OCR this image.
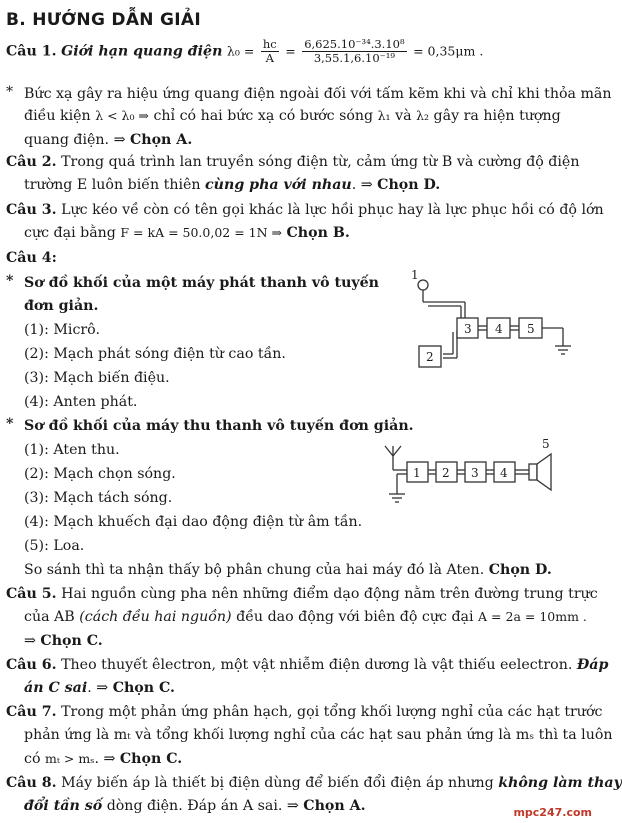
B. HƯỚNG DẪN GIẢI
Câu 1. Giới hạn quang điện $\lambda_0 = \frac{hc}{A} = \frac{\text{6,625.10⁻³⁴.3.10⁸}}{\text{3,55.1,6.10⁻¹⁹}} = 0,35\mu m$ .
* Bức xạ gây ra hiệu ứng quang điện ngoài đối với tấm kẽm khi và chỉ khi thỏa mãn
điều kiện λ < λ₀ ⇒ chỉ có hai bức xạ có bước sóng λ₁ và λ₂ gây ra hiện tượng
quang điện. ⇒ Chọn A.
Câu 2. Trong quá trình lan truyền sóng điện từ, cảm ứng từ B và cường độ điện
trường E luôn biến thiên cùng pha với nhau. ⇒ Chọn D.
Câu 3. Lực kéo về còn có tên gọi khác là lực hồi phục hay là lực phục hồi có độ lớn
cực đại bằng F = kA = 50.0,02 = 1N ⇒ Chọn B.
Câu 4:
* Sơ đồ khối của một máy phát thanh vô tuyến
đơn giản.
(1): Micrô.
(2): Mạch phát sóng điện từ cao tần.
(3): Mạch biến điệu.
(4): Anten phát.
* Sơ đồ khối của máy thu thanh vô tuyến đơn giản.
(1): Aten thu.
(2): Mạch chọn sóng.
(3): Mạch tách sóng.
(4): Mạch khuếch đại dao động điện từ âm tần.
(5): Loa.
So sánh thì ta nhận thấy bộ phân chung của hai máy đó là Aten. Chọn D.
1
3 4 5
2
1 2 3 4
5
Câu 5. Hai nguồn cùng pha nên những điểm dạo động nằm trên đường trung trực
của AB (cách đều hai nguồn) đều dao động với biên độ cực đại A = 2a = 10mm .
⇒ Chọn C.
Câu 6. Theo thuyết êlectron, một vật nhiễm điện dương là vật thiếu eelectron. Đáp
án C sai. ⇒ Chọn C.
Câu 7. Trong một phản ứng phân hạch, gọi tổng khối lượng nghỉ của các hạt trước
phản ứng là mₜ và tổng khối lượng nghỉ của các hạt sau phản ứng là mₛ thì ta luôn
có mₜ > mₛ. ⇒ Chọn C.
Câu 8. Máy biến áp là thiết bị điện dùng để biến đổi điện áp nhưng không làm thay
đổi tần số dòng điện. Đáp án A sai. ⇒ Chọn A.	mpc247.com
